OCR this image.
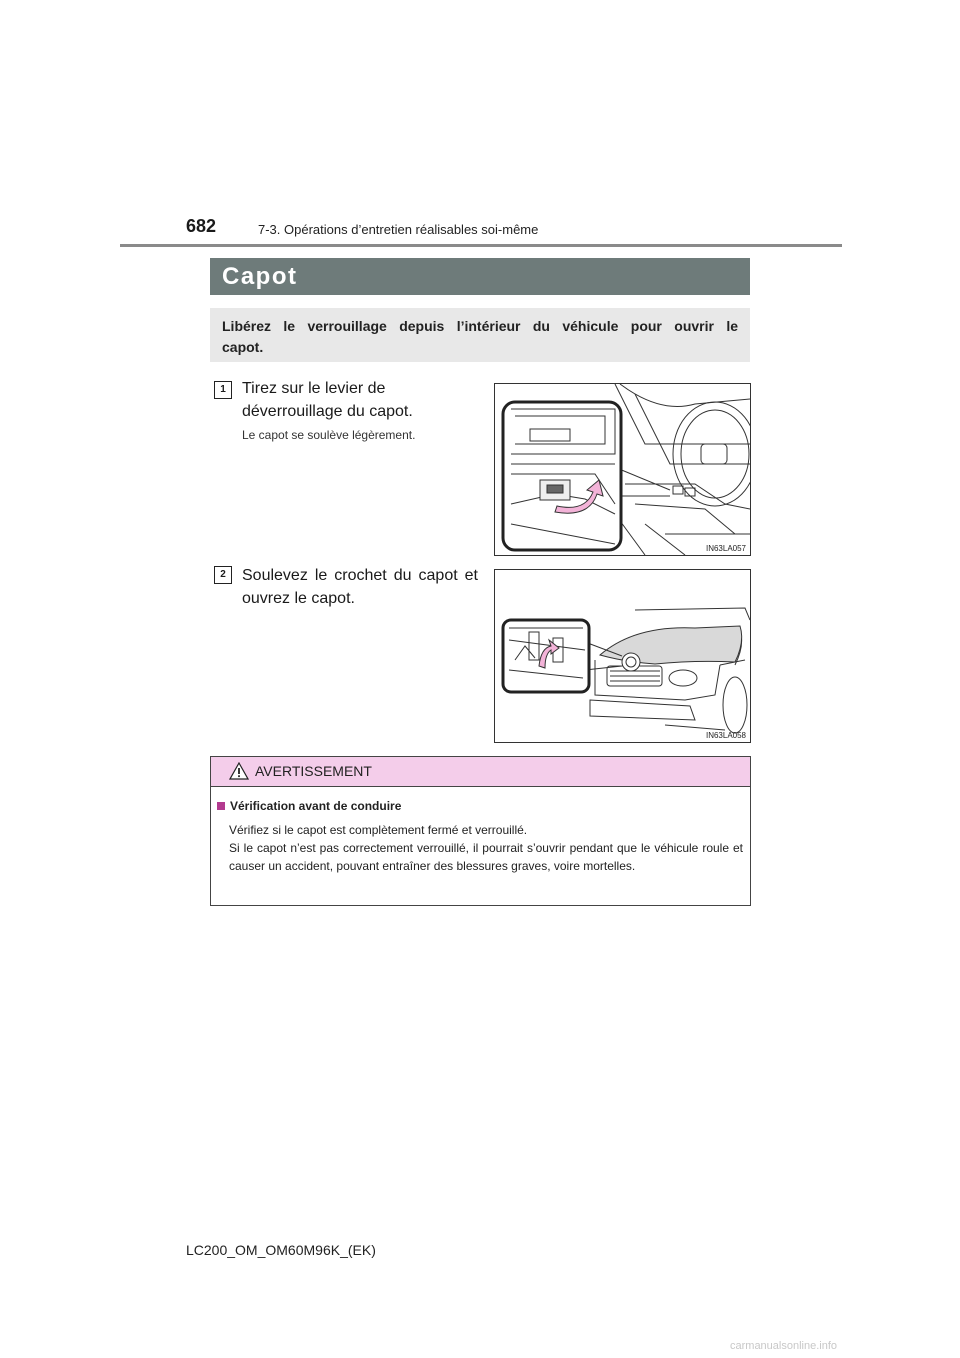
682	7-3. Opérations d’entretien réalisables soi-même
Capot
Libérez le verrouillage depuis l’intérieur du véhicule pour ouvrir le capot.
1	Tirez sur le levier de déverrouillage du capot.
Le capot se soulève légèrement.
IN63LA057
2	Soulevez le crochet du capot et ouvrez le capot.
IN63LA058
AVERTISSEMENT
Vérification avant de conduire
Vérifiez si le capot est complètement fermé et verrouillé.
Si le capot n’est pas correctement verrouillé, il pourrait s’ouvrir pendant que le véhicule roule et causer un accident, pouvant entraîner des blessures graves, voire mortelles.
LC200_OM_OM60M96K_(EK)
carmanualsonline.info
